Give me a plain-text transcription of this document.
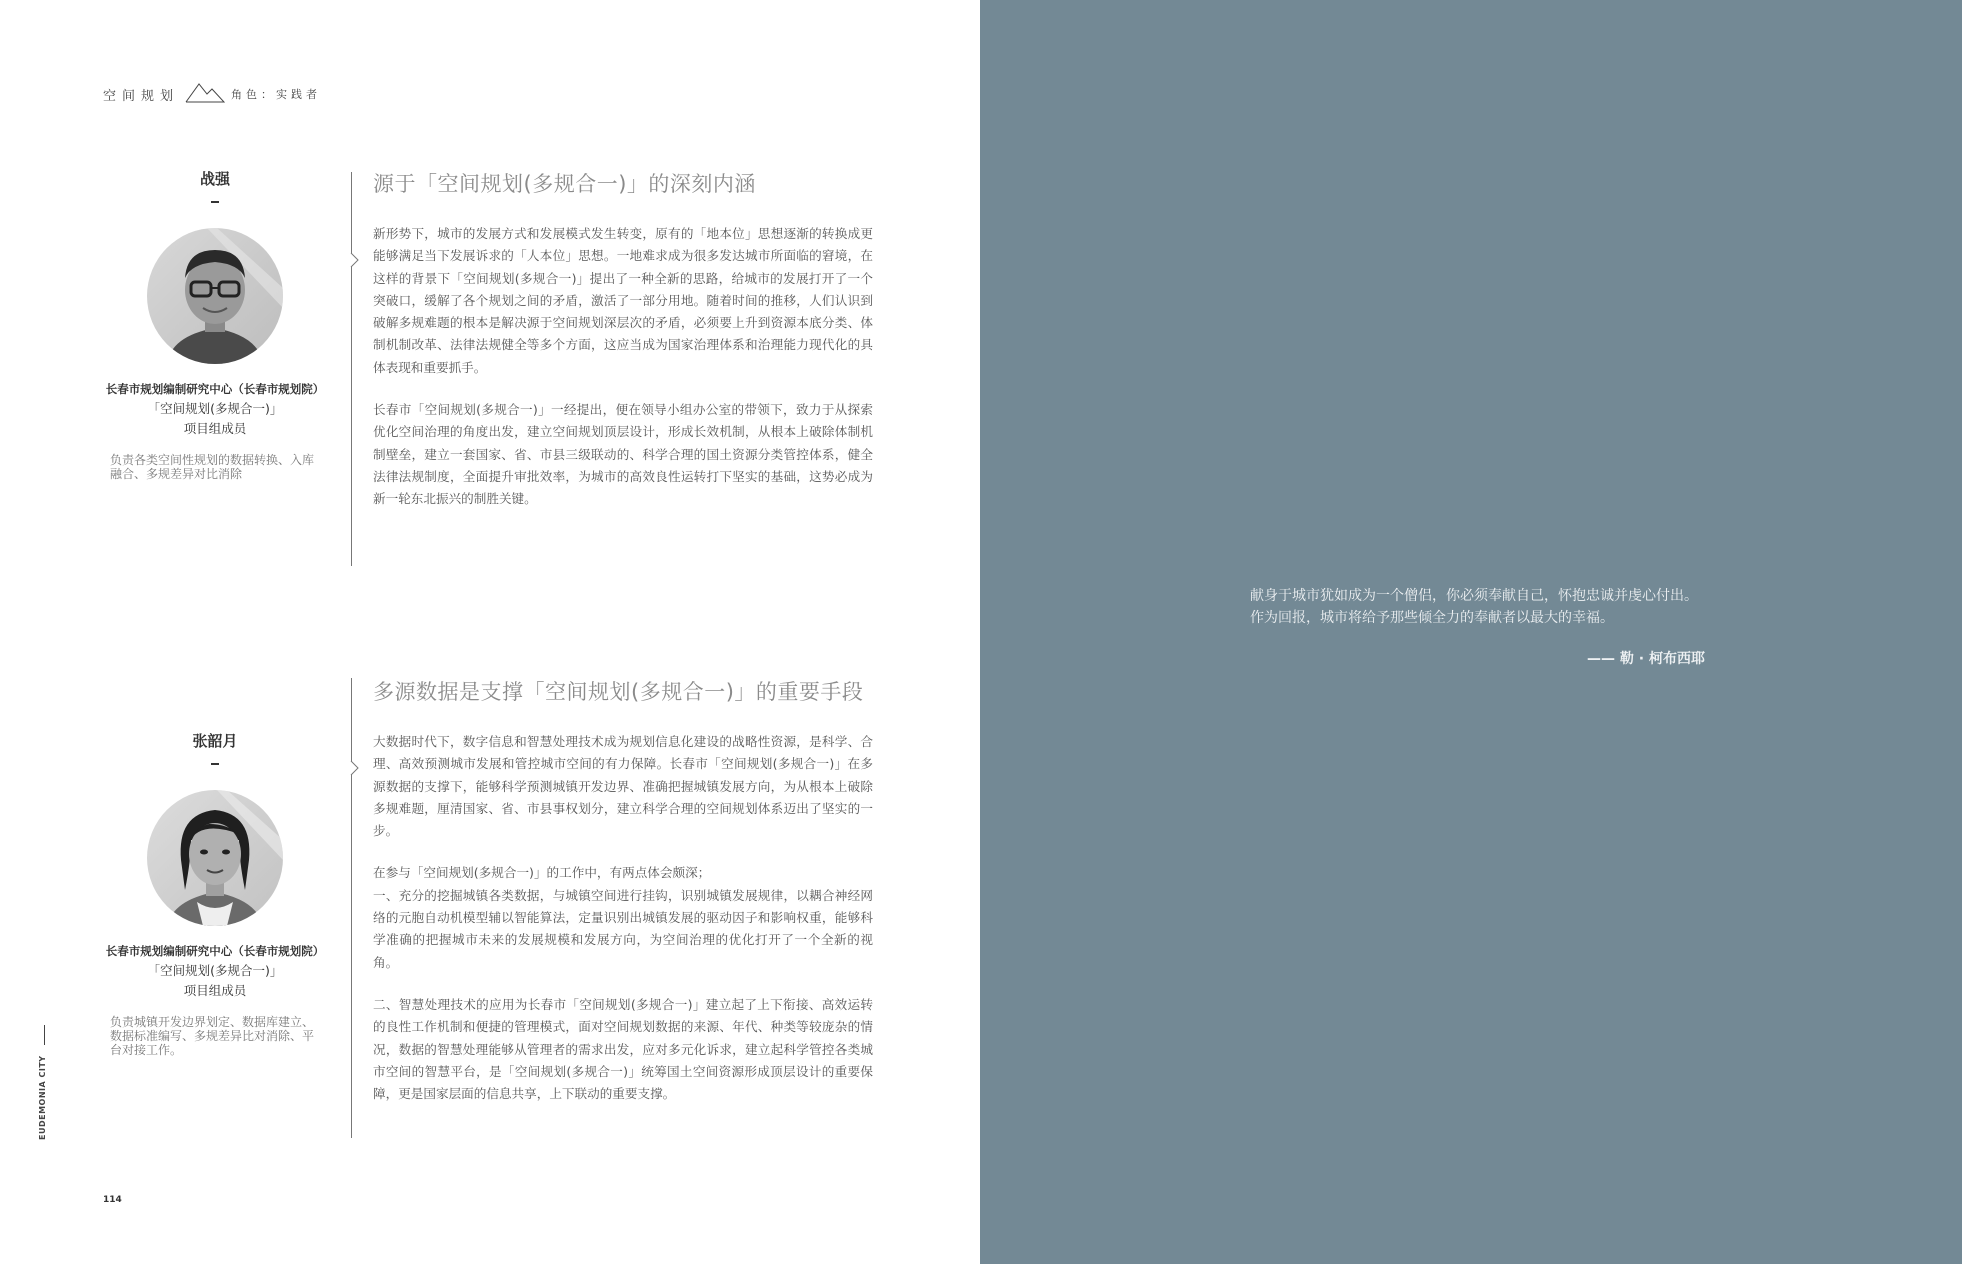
空间规划	角色：实践者
战强
长春市规划编制研究中心（长春市规划院）
「空间规划(多规合一)」
项目组成员
负责各类空间性规划的数据转换、入库融合、多规差异对比消除
源于「空间规划(多规合一)」的深刻内涵

新形势下，城市的发展方式和发展模式发生转变，原有的「地本位」思想逐渐的转换成更能够满足当下发展诉求的「人本位」思想。一地难求成为很多发达城市所面临的窘境，在这样的背景下「空间规划(多规合一)」提出了一种全新的思路，给城市的发展打开了一个突破口，缓解了各个规划之间的矛盾，激活了一部分用地。随着时间的推移，人们认识到破解多规难题的根本是解决源于空间规划深层次的矛盾，必须要上升到资源本底分类、体制机制改革、法律法规健全等多个方面，这应当成为国家治理体系和治理能力现代化的具体表现和重要抓手。

长春市「空间规划(多规合一)」一经提出，便在领导小组办公室的带领下，致力于从探索优化空间治理的角度出发，建立空间规划顶层设计，形成长效机制，从根本上破除体制机制壁垒，建立一套国家、省、市县三级联动的、科学合理的国土资源分类管控体系，健全法律法规制度，全面提升审批效率，为城市的高效良性运转打下坚实的基础，这势必成为新一轮东北振兴的制胜关键。

张韶月
长春市规划编制研究中心（长春市规划院）
「空间规划(多规合一)」
项目组成员
负责城镇开发边界划定、数据库建立、数据标准编写、多规差异比对消除、平台对接工作。
多源数据是支撑「空间规划(多规合一)」的重要手段

大数据时代下，数字信息和智慧处理技术成为规划信息化建设的战略性资源，是科学、合理、高效预测城市发展和管控城市空间的有力保障。长春市「空间规划(多规合一)」在多源数据的支撑下，能够科学预测城镇开发边界、准确把握城镇发展方向，为从根本上破除多规难题，厘清国家、省、市县事权划分，建立科学合理的空间规划体系迈出了坚实的一步。

在参与「空间规划(多规合一)」的工作中，有两点体会颇深；
一、充分的挖掘城镇各类数据，与城镇空间进行挂钩，识别城镇发展规律，以耦合神经网络的元胞自动机模型辅以智能算法，定量识别出城镇发展的驱动因子和影响权重，能够科学准确的把握城市未来的发展规模和发展方向，为空间治理的优化打开了一个全新的视角。

二、智慧处理技术的应用为长春市「空间规划(多规合一)」建立起了上下衔接、高效运转的良性工作机制和便捷的管理模式，面对空间规划数据的来源、年代、种类等较庞杂的情况，数据的智慧处理能够从管理者的需求出发，应对多元化诉求，建立起科学管控各类城市空间的智慧平台，是「空间规划(多规合一)」统筹国土空间资源形成顶层设计的重要保障，更是国家层面的信息共享，上下联动的重要支撑。

EUDEMONIA CITY
114
献身于城市犹如成为一个僧侣，你必须奉献自己，怀抱忠诚并虔心付出。作为回报，城市将给予那些倾全力的奉献者以最大的幸福。
—— 勒 · 柯布西耶
